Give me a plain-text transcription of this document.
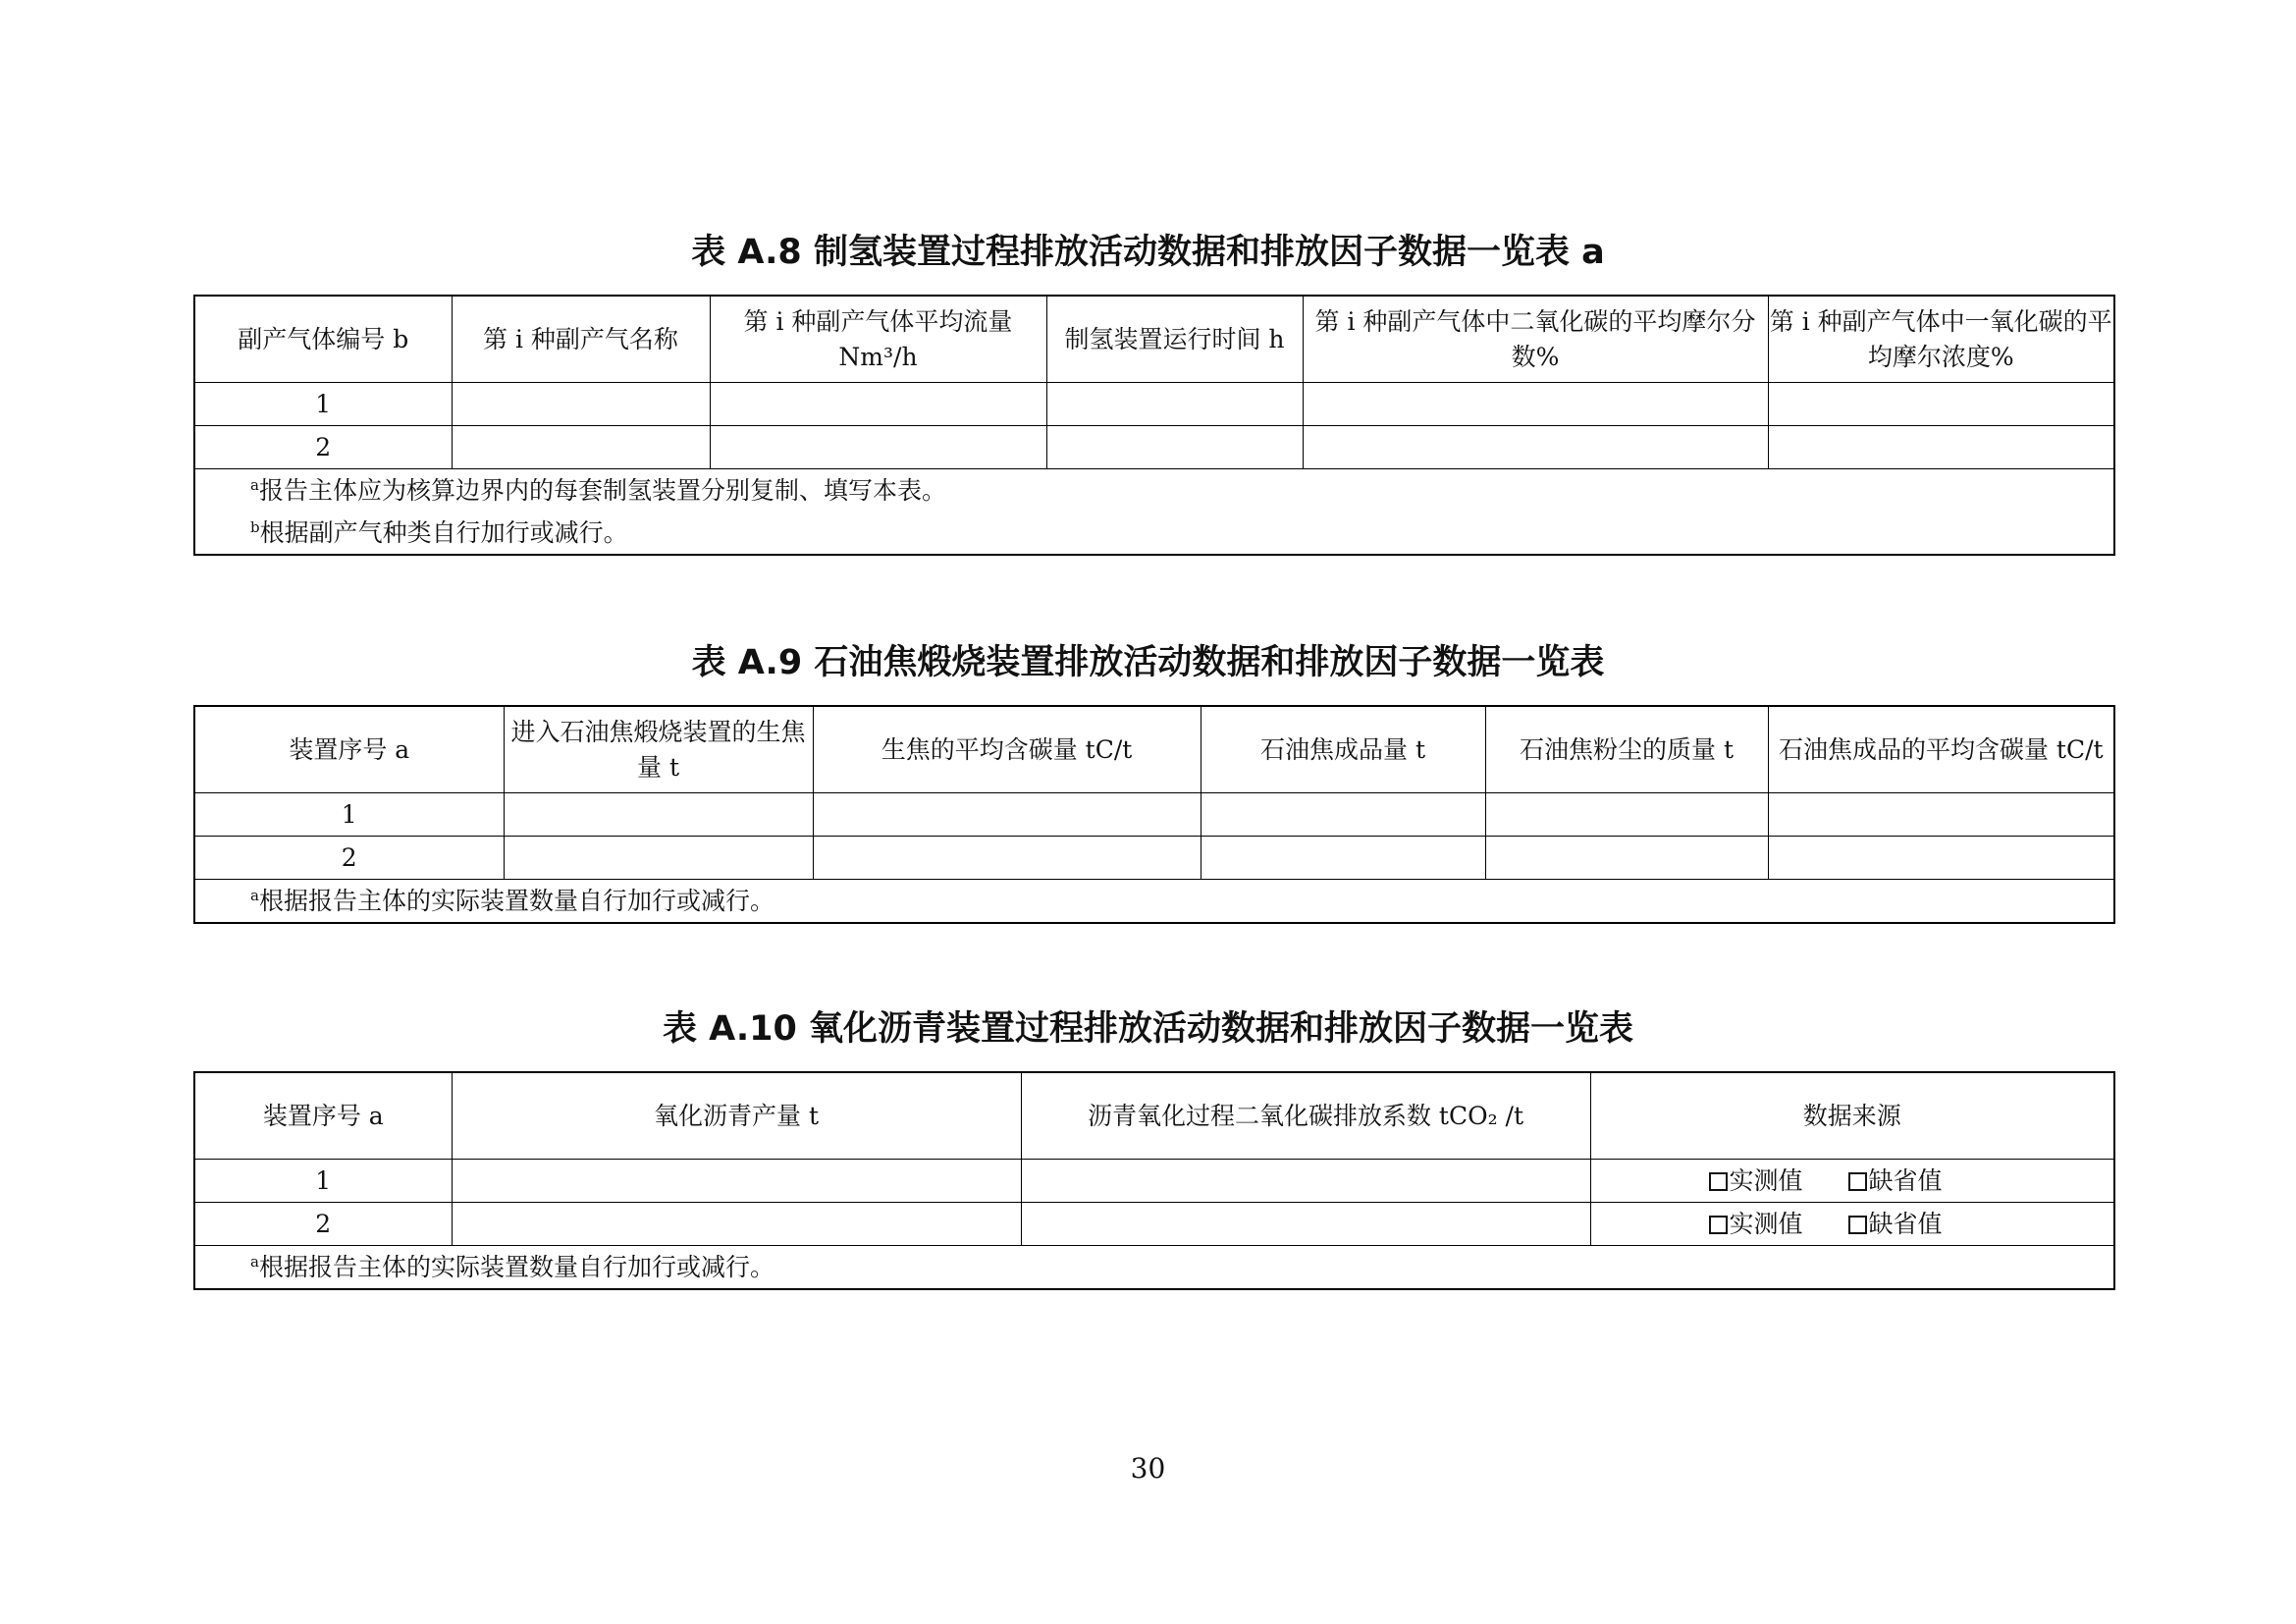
表 A.8 制氢装置过程排放活动数据和排放因子数据一览表 a
副产气体编号 b	第 i 种副产气名称	第 i 种副产气体平均流量 Nm³/h	制氢装置运行时间 h	第 i 种副产气体中二氧化碳的平均摩尔分数%	第 i 种副产气体中一氧化碳的平均摩尔浓度%
1					
2					

$^a$报告主体应为核算边界内的每套制氢装置分别复制、填写本表。
$^b$根据副产气种类自行加行或减行。					
表 A.9 石油焦煅烧装置排放活动数据和排放因子数据一览表
装置序号 a	进入石油焦煅烧装置的生焦量 t	生焦的平均含碳量 tC/t	石油焦成品量 t	石油焦粉尘的质量 t	石油焦成品的平均含碳量 tC/t
1					
2					

$^a$根据报告主体的实际装置数量自行加行或减行。					
表 A.10 氧化沥青装置过程排放活动数据和排放因子数据一览表
装置序号 a	氧化沥青产量 t	沥青氧化过程二氧化碳排放系数 tCO₂ /t	数据来源
1			实测值 缺省值
2			实测值 缺省值

$^a$根据报告主体的实际装置数量自行加行或减行。			
30
